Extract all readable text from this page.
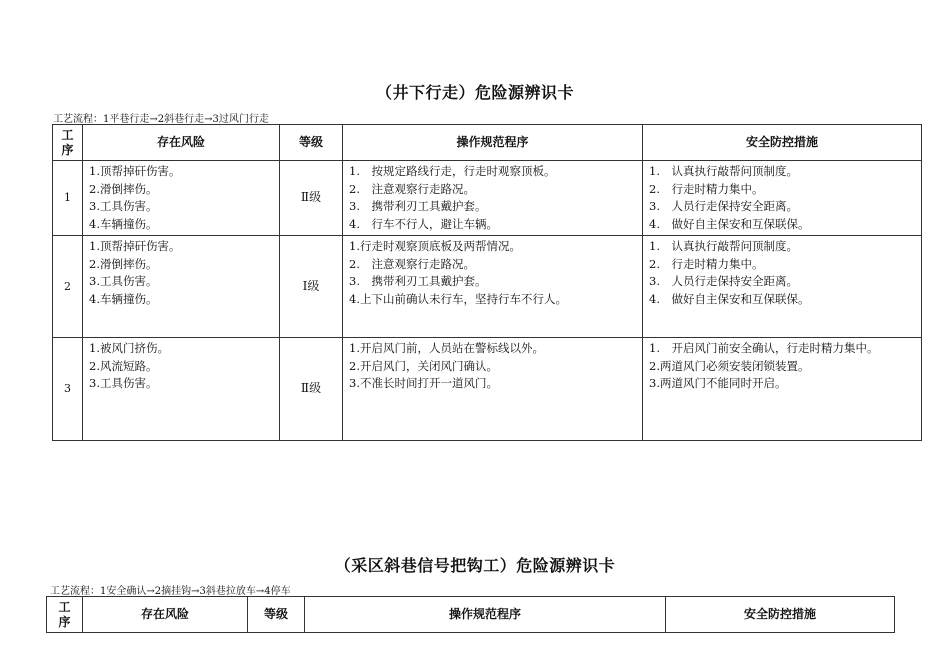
（井下行走）危险源辨识卡
工艺流程：1平巷行走→2斜巷行走→3过风门行走
工序	存在风险	等级	操作规范程序	安全防控措施
1	1.顶帮掉矸伤害。
2.滑倒摔伤。
3.工具伤害。
4.车辆撞伤。	Ⅱ级	1.　按规定路线行走，行走时观察顶板。
2.　注意观察行走路况。
3.　携带利刃工具戴护套。
4.　行车不行人，避让车辆。	1.　认真执行敲帮问顶制度。
2.　行走时精力集中。
3.　人员行走保持安全距离。
4.　做好自主保安和互保联保。

2	1.顶帮掉矸伤害。
2.滑倒摔伤。
3.工具伤害。
4.车辆撞伤。	Ⅰ级	1.行走时观察顶底板及两帮情况。
2.　注意观察行走路况。
3.　携带利刃工具戴护套。
4.上下山前确认未行车，坚持行车不行人。	1.　认真执行敲帮问顶制度。
2.　行走时精力集中。
3.　人员行走保持安全距离。
4.　做好自主保安和互保联保。

3	1.被风门挤伤。
2.风流短路。
3.工具伤害。	Ⅱ级	1.开启风门前，人员站在警标线以外。
2.开启风门，关闭风门确认。
3.不准长时间打开一道风门。	1.　开启风门前安全确认，行走时精力集中。
2.两道风门必须安装闭锁装置。
3.两道风门不能同时开启。
（采区斜巷信号把钩工）危险源辨识卡
工艺流程：1安全确认→2摘挂钩→3斜巷拉放车→4停车
工序	存在风险	等级	操作规范程序	安全防控措施
